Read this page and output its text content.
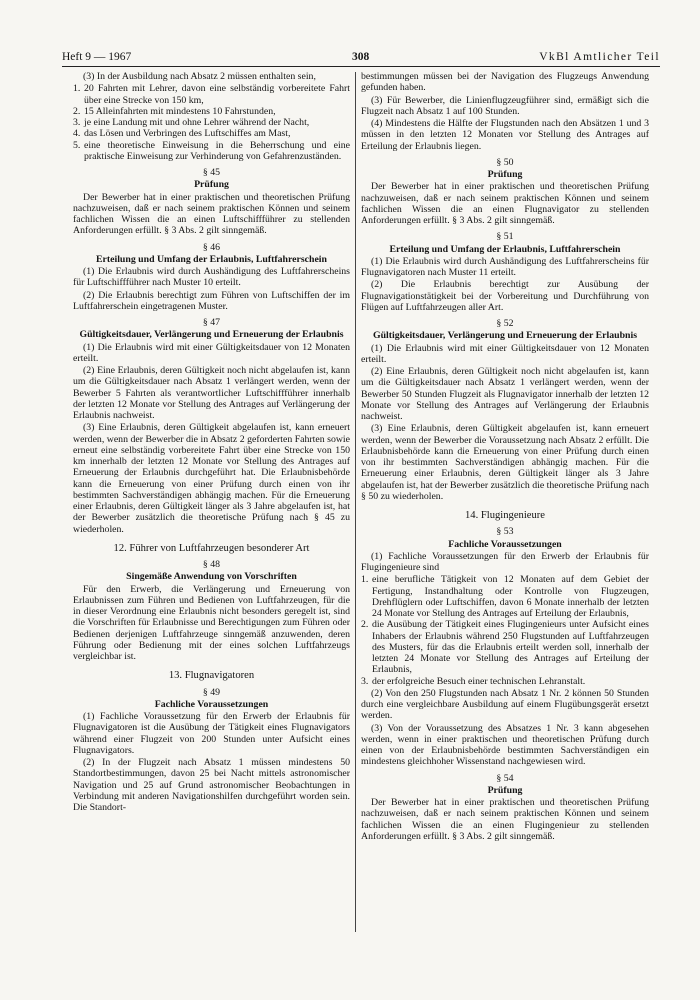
Heft 9 — 1967	308	VkBl Amtlicher Teil

(3) In der Ausbildung nach Absatz 2 müssen enthalten sein,

1. 20 Fahrten mit Lehrer, davon eine selbständig vorbereitete Fahrt über eine Strecke von 150 km,
2. 15 Alleinfahrten mit mindestens 10 Fahrstunden,
3. je eine Landung mit und ohne Lehrer während der Nacht,
4. das Lösen und Verbringen des Luftschiffes am Mast,
5. eine theoretische Einweisung in die Beherrschung und eine praktische Einweisung zur Verhinderung von Gefahrenzuständen.

§ 45

Prüfung

Der Bewerber hat in einer praktischen und theoretischen Prüfung nachzuweisen, daß er nach seinem praktischen Können und seinem fachlichen Wissen die an einen Luftschiffführer zu stellenden Anforderungen erfüllt. § 3 Abs. 2 gilt sinngemäß.

§ 46

Erteilung und Umfang der Erlaubnis, Luftfahrerschein

(1) Die Erlaubnis wird durch Aushändigung des Luftfahrerscheins für Luftschiffführer nach Muster 10 erteilt.

(2) Die Erlaubnis berechtigt zum Führen von Luftschiffen der im Luftfahrerschein eingetragenen Muster.

§ 47

Gültigkeitsdauer, Verlängerung und Erneuerung der Erlaubnis

(1) Die Erlaubnis wird mit einer Gültigkeitsdauer von 12 Monaten erteilt.

(2) Eine Erlaubnis, deren Gültigkeit noch nicht abgelaufen ist, kann um die Gültigkeitsdauer nach Absatz 1 verlängert werden, wenn der Bewerber 5 Fahrten als verantwortlicher Luftschiffführer innerhalb der letzten 12 Monate vor Stellung des Antrages auf Verlängerung der Erlaubnis nachweist.

(3) Eine Erlaubnis, deren Gültigkeit abgelaufen ist, kann erneuert werden, wenn der Bewerber die in Absatz 2 geforderten Fahrten sowie erneut eine selbständig vorbereitete Fahrt über eine Strecke von 150 km innerhalb der letzten 12 Monate vor Stellung des Antrages auf Erneuerung der Erlaubnis durchgeführt hat. Die Erlaubnisbehörde kann die Erneuerung von einer Prüfung durch einen von ihr bestimmten Sachverständigen abhängig machen. Für die Erneuerung einer Erlaubnis, deren Gültigkeit länger als 3 Jahre abgelaufen ist, hat der Bewerber zusätzlich die theoretische Prüfung nach § 45 zu wiederholen.

12. Führer von Luftfahrzeugen besonderer Art

§ 48

Singemäße Anwendung von Vorschriften

Für den Erwerb, die Verlängerung und Erneuerung von Erlaubnissen zum Führen und Bedienen von Luftfahrzeugen, für die in dieser Verordnung eine Erlaubnis nicht besonders geregelt ist, sind die Vorschriften für Erlaubnisse und Berechtigungen zum Führen oder Bedienen derjenigen Luftfahrzeuge sinngemäß anzuwenden, deren Führung oder Bedienung mit der eines solchen Luftfahrzeugs vergleichbar ist.

13. Flugnavigatoren

§ 49

Fachliche Voraussetzungen

(1) Fachliche Voraussetzung für den Erwerb der Erlaubnis für Flugnavigatoren ist die Ausübung der Tätigkeit eines Flugnavigators während einer Flugzeit von 200 Stunden unter Aufsicht eines Flugnavigators.

(2) In der Flugzeit nach Absatz 1 müssen mindestens 50 Standortbestimmungen, davon 25 bei Nacht mittels astronomischer Navigation und 25 auf Grund astronomischer Beobachtungen in Verbindung mit anderen Navigationshilfen durchgeführt worden sein. Die Standort-

bestimmungen müssen bei der Navigation des Flugzeugs Anwendung gefunden haben.

(3) Für Bewerber, die Linienflugzeugführer sind, ermäßigt sich die Flugzeit nach Absatz 1 auf 100 Stunden.

(4) Mindestens die Hälfte der Flugstunden nach den Absätzen 1 und 3 müssen in den letzten 12 Monaten vor Stellung des Antrages auf Erteilung der Erlaubnis liegen.

§ 50

Prüfung

Der Bewerber hat in einer praktischen und theoretischen Prüfung nachzuweisen, daß er nach seinem praktischen Können und seinem fachlichen Wissen die an einen Flugnavigator zu stellenden Anforderungen erfüllt. § 3 Abs. 2 gilt sinngemäß.

§ 51

Erteilung und Umfang der Erlaubnis, Luftfahrerschein

(1) Die Erlaubnis wird durch Aushändigung des Luftfahrerscheins für Flugnavigatoren nach Muster 11 erteilt.

(2) Die Erlaubnis berechtigt zur Ausübung der Flugnavigationstätigkeit bei der Vorbereitung und Durchführung von Flügen auf Luftfahrzeugen aller Art.

§ 52

Gültigkeitsdauer, Verlängerung und Erneuerung der Erlaubnis

(1) Die Erlaubnis wird mit einer Gültigkeitsdauer von 12 Monaten erteilt.

(2) Eine Erlaubnis, deren Gültigkeit noch nicht abgelaufen ist, kann um die Gültigkeitsdauer nach Absatz 1 verlängert werden, wenn der Bewerber 50 Stunden Flugzeit als Flugnavigator innerhalb der letzten 12 Monate vor Stellung des Antrages auf Verlängerung der Erlaubnis nachweist.

(3) Eine Erlaubnis, deren Gültigkeit abgelaufen ist, kann erneuert werden, wenn der Bewerber die Voraussetzung nach Absatz 2 erfüllt. Die Erlaubnisbehörde kann die Erneuerung von einer Prüfung durch einen von ihr bestimmten Sachverständigen abhängig machen. Für die Erneuerung einer Erlaubnis, deren Gültigkeit länger als 3 Jahre abgelaufen ist, hat der Bewerber zusätzlich die theoretische Prüfung nach § 50 zu wiederholen.

14. Flugingenieure

§ 53

Fachliche Voraussetzungen

(1) Fachliche Voraussetzungen für den Erwerb der Erlaubnis für Flugingenieure sind

1. eine berufliche Tätigkeit von 12 Monaten auf dem Gebiet der Fertigung, Instandhaltung oder Kontrolle von Flugzeugen, Drehflüglern oder Luftschiffen, davon 6 Monate innerhalb der letzten 24 Monate vor Stellung des Antrages auf Erteilung der Erlaubnis,
2. die Ausübung der Tätigkeit eines Flugingenieurs unter Aufsicht eines Inhabers der Erlaubnis während 250 Flugstunden auf Luftfahrzeugen des Musters, für das die Erlaubnis erteilt werden soll, innerhalb der letzten 24 Monate vor Stellung des Antrages auf Erteilung der Erlaubnis,
3. der erfolgreiche Besuch einer technischen Lehranstalt.

(2) Von den 250 Flugstunden nach Absatz 1 Nr. 2 können 50 Stunden durch eine vergleichbare Ausbildung auf einem Flugübungsgerät ersetzt werden.

(3) Von der Voraussetzung des Absatzes 1 Nr. 3 kann abgesehen werden, wenn in einer praktischen und theoretischen Prüfung durch einen von der Erlaubnisbehörde bestimmten Sachverständigen ein mindestens gleichhoher Wissenstand nachgewiesen wird.

§ 54

Prüfung

Der Bewerber hat in einer praktischen und theoretischen Prüfung nachzuweisen, daß er nach seinem praktischen Können und seinem fachlichen Wissen die an einen Flugingenieur zu stellenden Anforderungen erfüllt. § 3 Abs. 2 gilt sinngemäß.
